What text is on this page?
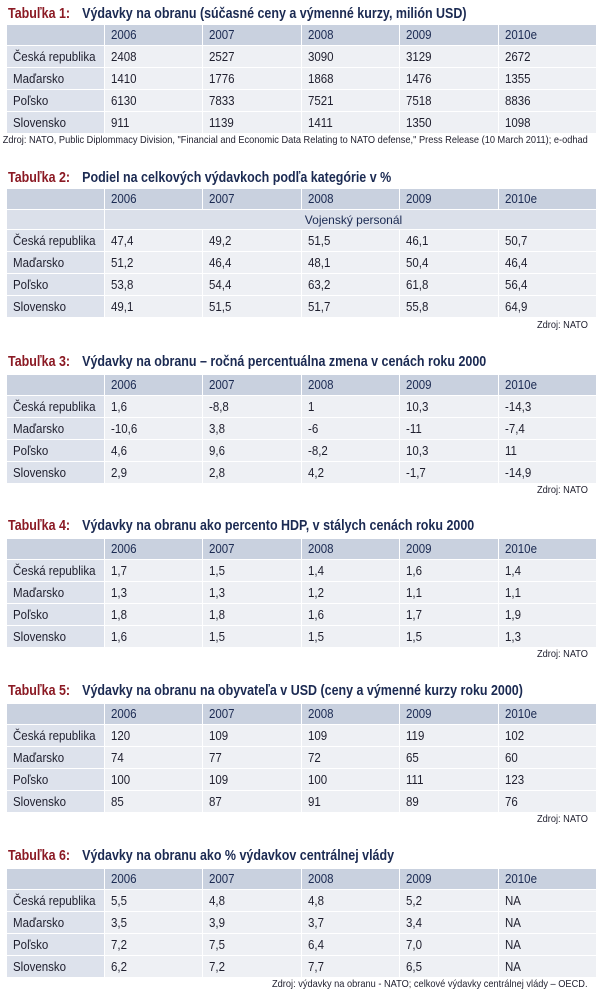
Tabuľka 1: Výdavky na obranu (súčasné ceny a výmenné kurzy, milión USD)
	2006	2007	2008	2009	2010e
Česká republika	2408	2527	3090	3129	2672
Maďarsko	1410	1776	1868	1476	1355
Poľsko	6130	7833	7521	7518	8836
Slovensko	911	1139	1411	1350	1098
Zdroj: NATO, Public Diplommacy Division, "Financial and Economic Data Relating to NATO defense," Press Release (10 March 2011); e-odhad
Tabuľka 2: Podiel na celkových výdavkoch podľa kategórie v %
	2006	2007	2008	2009	2010e
	Vojenský personál				
Česká republika	47,4	49,2	51,5	46,1	50,7
Maďarsko	51,2	46,4	48,1	50,4	46,4
Poľsko	53,8	54,4	63,2	61,8	56,4
Slovensko	49,1	51,5	51,7	55,8	64,9
Zdroj: NATO
Tabuľka 3: Výdavky na obranu – ročná percentuálna zmena v cenách roku 2000
	2006	2007	2008	2009	2010e
Česká republika	1,6	-8,8	1	10,3	-14,3
Maďarsko	-10,6	3,8	-6	-11	-7,4
Poľsko	4,6	9,6	-8,2	10,3	11
Slovensko	2,9	2,8	4,2	-1,7	-14,9
Zdroj: NATO
Tabuľka 4: Výdavky na obranu ako percento HDP, v stálych cenách roku 2000
	2006	2007	2008	2009	2010e
Česká republika	1,7	1,5	1,4	1,6	1,4
Maďarsko	1,3	1,3	1,2	1,1	1,1
Poľsko	1,8	1,8	1,6	1,7	1,9
Slovensko	1,6	1,5	1,5	1,5	1,3
Zdroj: NATO
Tabuľka 5: Výdavky na obranu na obyvateľa v USD (ceny a výmenné kurzy roku 2000)
	2006	2007	2008	2009	2010e
Česká republika	120	109	109	119	102
Maďarsko	74	77	72	65	60
Poľsko	100	109	100	111	123
Slovensko	85	87	91	89	76
Zdroj: NATO
Tabuľka 6: Výdavky na obranu ako % výdavkov centrálnej vlády
	2006	2007	2008	2009	2010e
Česká republika	5,5	4,8	4,8	5,2	NA
Maďarsko	3,5	3,9	3,7	3,4	NA
Poľsko	7,2	7,5	6,4	7,0	NA
Slovensko	6,2	7,2	7,7	6,5	NA
Zdroj: výdavky na obranu - NATO; celkové výdavky centrálnej vlády – OECD.
